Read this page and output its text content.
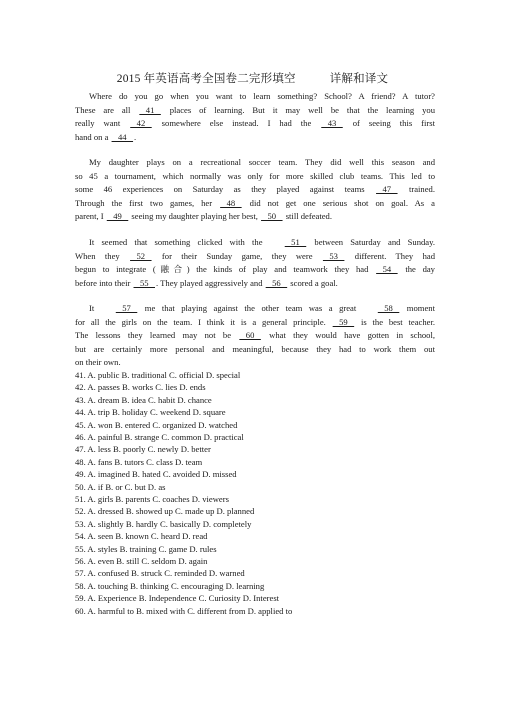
2015 年英语高考全国卷二完形填空	详解和译文
Where do you go when you want to learn something? School? A friend? A tutor?
These are all    41    places of learning. But it may well be that the learning you
really want    42    somewhere else instead. I had the    43    of seeing this first
hand on a    44   .
My daughter plays on a recreational soccer team. They did well this season and
so 45 a tournament, which normally was only for more skilled club teams. This led to
some 46 experiences on Saturday as they played against teams    47    trained.
Through the first two games, her    48    did not get one serious shot on goal. As a
parent, I    49    seeing my daughter playing her best,    50    still defeated.
It seemed that something clicked with the    51    between Saturday and Sunday.
When they    52    for their Sunday game, they were    53    different. They had
begun to integrate (融合) the kinds of play and teamwork they had    54    the day
before into their    55   . They played aggressively and    56    scored a goal.
It    57    me that playing against the other team was a great    58    moment
for all the girls on the team. I think it is a general principle.    59    is the best teacher.
The lessons they learned may not be    60    what they would have gotten in school,
but are certainly more personal and meaningful, because they had to work them out
on their own.
41. A. public B. traditional C. official D. special
42. A. passes B. works C. lies D. ends
43. A. dream B. idea C. habit D. chance
44. A. trip B. holiday C. weekend D. square
45. A. won B. entered C. organized D. watched
46. A. painful B. strange C. common D. practical
47. A. less B. poorly C. newly D. better
48. A. fans B. tutors C. class D. team
49. A. imagined B. hated C. avoided D. missed
50. A. if B. or C. but D. as
51. A. girls B. parents C. coaches D. viewers
52. A. dressed B. showed up C. made up D. planned
53. A. slightly B. hardly C. basically D. completely
54. A. seen B. known C. heard D. read
55. A. styles B. training C. game D. rules
56. A. even B. still C. seldom D. again
57. A. confused B. struck C. reminded D. warned
58. A. touching B. thinking C. encouraging D. learning
59. A. Experience B. Independence C. Curiosity D. Interest
60. A. harmful to B. mixed with C. different from D. applied to
